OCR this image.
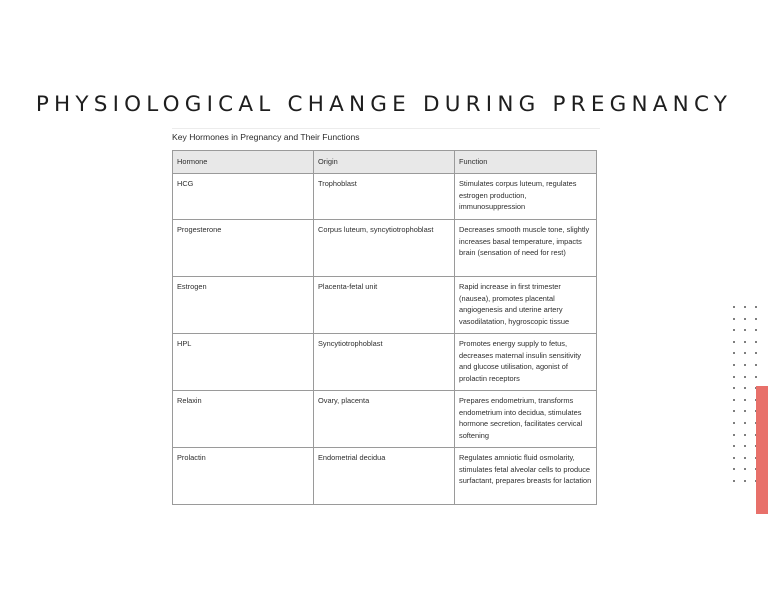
PHYSIOLOGICAL CHANGE DURING PREGNANCY
Key Hormones in Pregnancy and Their Functions
Hormone	Origin	Function
HCG	Trophoblast	Stimulates corpus luteum, regulates estrogen production, immunosuppression
Progesterone	Corpus luteum, syncytiotrophoblast	Decreases smooth muscle tone, slightly increases basal temperature, impacts brain (sensation of need for rest)
Estrogen	Placenta-fetal unit	Rapid increase in first trimester (nausea), promotes placental angiogenesis and uterine artery vasodilatation, hygroscopic tissue
HPL	Syncytiotrophoblast	Promotes energy supply to fetus, decreases maternal insulin sensitivity and glucose utilisation, agonist of prolactin receptors
Relaxin	Ovary, placenta	Prepares endometrium, transforms endometrium into decidua, stimulates hormone secretion, facilitates cervical softening
Prolactin	Endometrial decidua	Regulates amniotic fluid osmolarity, stimulates fetal alveolar cells to produce surfactant, prepares breasts for lactation
